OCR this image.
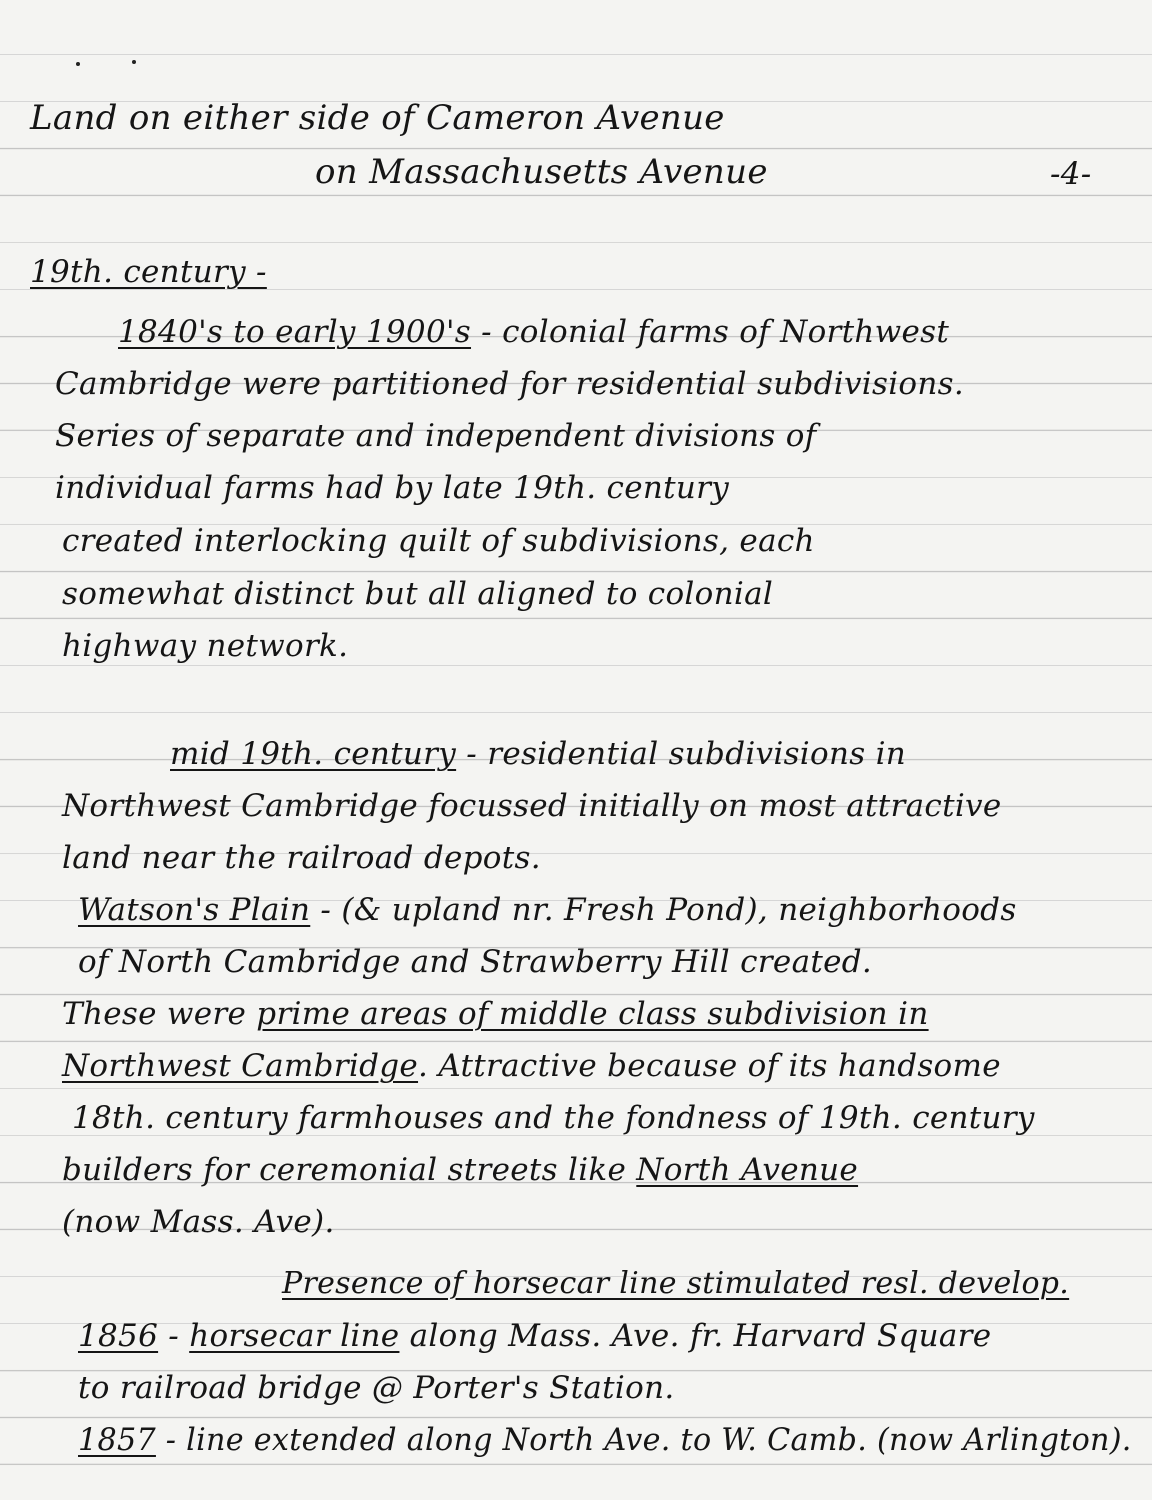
Land on either side of Cameron Avenue
on Massachusetts Avenue	-4-
19th. century -
1840's to early 1900's - colonial farms of Northwest
Cambridge were partitioned for residential subdivisions.
Series of separate and independent divisions of
individual farms had by late 19th. century
created interlocking quilt of subdivisions, each
somewhat distinct but all aligned to colonial
highway network.
mid 19th. century - residential subdivisions in
Northwest Cambridge focussed initially on most attractive
land near the railroad depots.
Watson's Plain - (& upland nr. Fresh Pond), neighborhoods
of North Cambridge and Strawberry Hill created.
These were prime areas of middle class subdivision in
Northwest Cambridge. Attractive because of its handsome
18th. century farmhouses and the fondness of 19th. century
builders for ceremonial streets like North Avenue
(now Mass. Ave).
Presence of horsecar line stimulated resl. develop.
1856 - horsecar line along Mass. Ave. fr. Harvard Square
to railroad bridge @ Porter's Station.
1857 - line extended along North Ave. to W. Camb. (now Arlington).
